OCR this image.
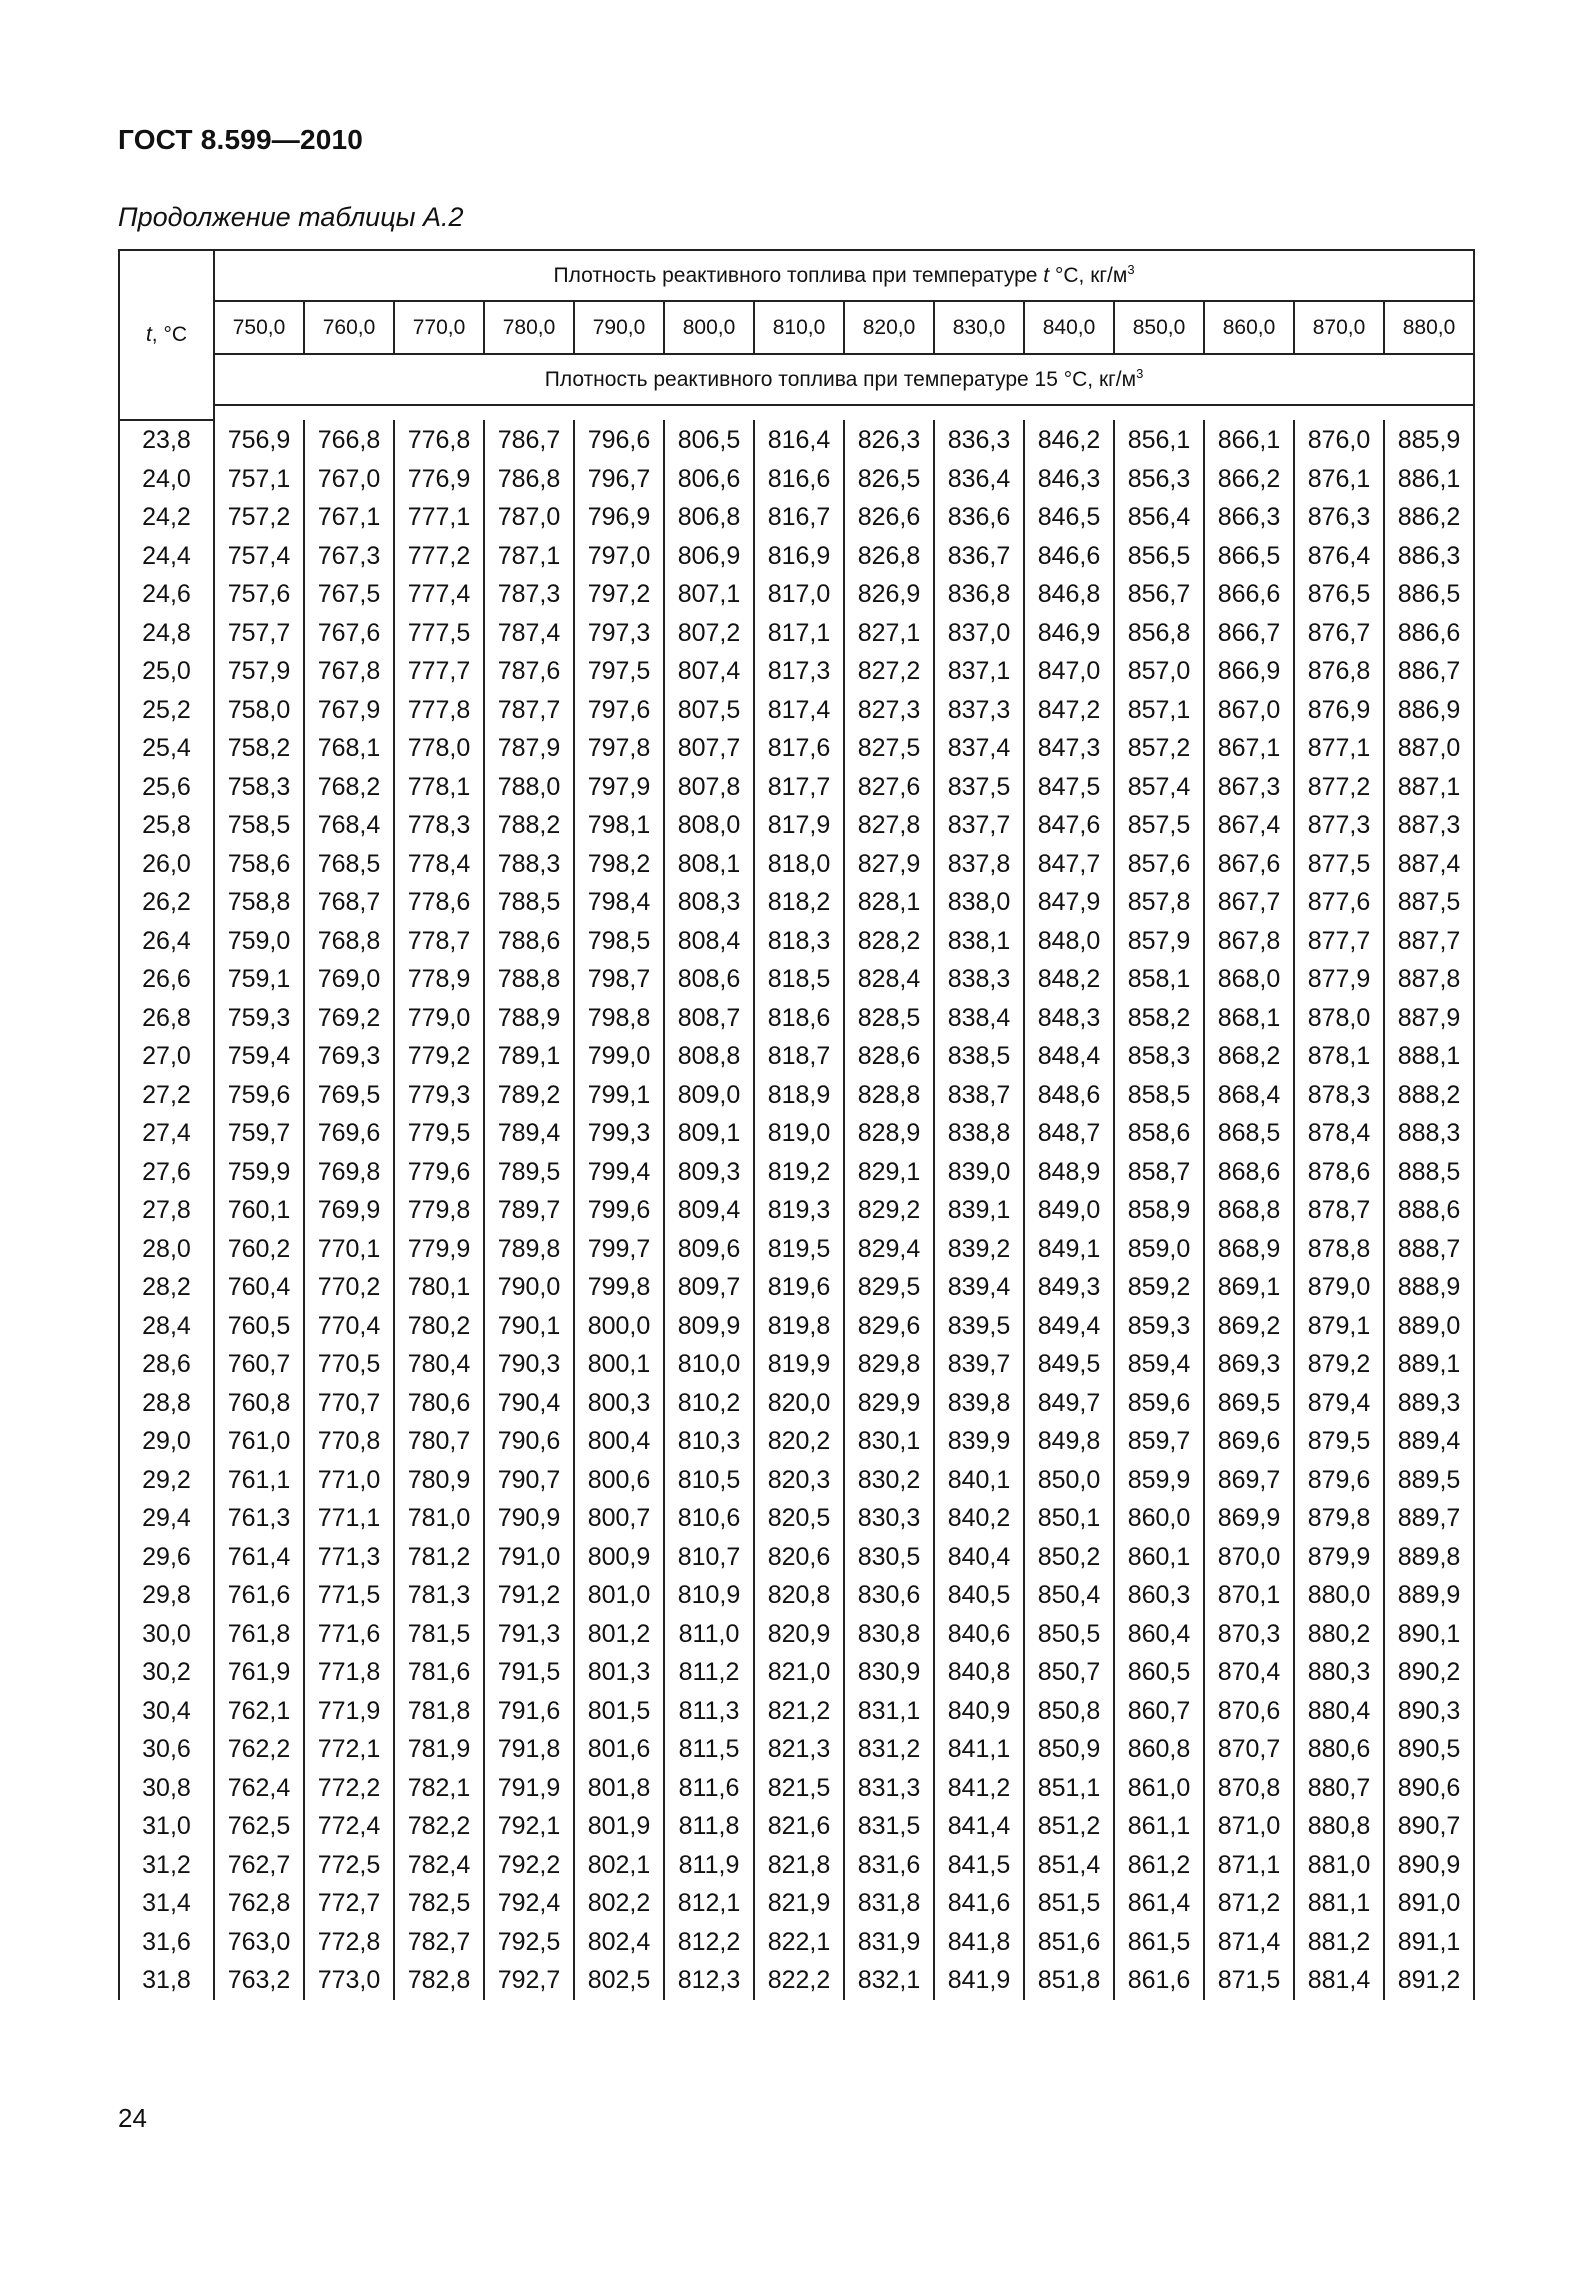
ГОСТ 8.599—2010
Продолжение таблицы А.2
t, °С	Плотность реактивного топлива при температуре t °С, $кг/м^3$
	750,0	760,0	770,0	780,0	790,0	800,0	810,0	820,0	830,0	840,0	850,0	860,0	870,0	880,0
	Плотность реактивного топлива при температуре 15 °С, $кг/м^3$

23,8	756,9	766,8	776,8	786,7	796,6	806,5	816,4	826,3	836,3	846,2	856,1	866,1	876,0	885,9
24,0	757,1	767,0	776,9	786,8	796,7	806,6	816,6	826,5	836,4	846,3	856,3	866,2	876,1	886,1
24,2	757,2	767,1	777,1	787,0	796,9	806,8	816,7	826,6	836,6	846,5	856,4	866,3	876,3	886,2
24,4	757,4	767,3	777,2	787,1	797,0	806,9	816,9	826,8	836,7	846,6	856,5	866,5	876,4	886,3
24,6	757,6	767,5	777,4	787,3	797,2	807,1	817,0	826,9	836,8	846,8	856,7	866,6	876,5	886,5
24,8	757,7	767,6	777,5	787,4	797,3	807,2	817,1	827,1	837,0	846,9	856,8	866,7	876,7	886,6
25,0	757,9	767,8	777,7	787,6	797,5	807,4	817,3	827,2	837,1	847,0	857,0	866,9	876,8	886,7
25,2	758,0	767,9	777,8	787,7	797,6	807,5	817,4	827,3	837,3	847,2	857,1	867,0	876,9	886,9
25,4	758,2	768,1	778,0	787,9	797,8	807,7	817,6	827,5	837,4	847,3	857,2	867,1	877,1	887,0
25,6	758,3	768,2	778,1	788,0	797,9	807,8	817,7	827,6	837,5	847,5	857,4	867,3	877,2	887,1
25,8	758,5	768,4	778,3	788,2	798,1	808,0	817,9	827,8	837,7	847,6	857,5	867,4	877,3	887,3
26,0	758,6	768,5	778,4	788,3	798,2	808,1	818,0	827,9	837,8	847,7	857,6	867,6	877,5	887,4
26,2	758,8	768,7	778,6	788,5	798,4	808,3	818,2	828,1	838,0	847,9	857,8	867,7	877,6	887,5
26,4	759,0	768,8	778,7	788,6	798,5	808,4	818,3	828,2	838,1	848,0	857,9	867,8	877,7	887,7
26,6	759,1	769,0	778,9	788,8	798,7	808,6	818,5	828,4	838,3	848,2	858,1	868,0	877,9	887,8
26,8	759,3	769,2	779,0	788,9	798,8	808,7	818,6	828,5	838,4	848,3	858,2	868,1	878,0	887,9
27,0	759,4	769,3	779,2	789,1	799,0	808,8	818,7	828,6	838,5	848,4	858,3	868,2	878,1	888,1
27,2	759,6	769,5	779,3	789,2	799,1	809,0	818,9	828,8	838,7	848,6	858,5	868,4	878,3	888,2
27,4	759,7	769,6	779,5	789,4	799,3	809,1	819,0	828,9	838,8	848,7	858,6	868,5	878,4	888,3
27,6	759,9	769,8	779,6	789,5	799,4	809,3	819,2	829,1	839,0	848,9	858,7	868,6	878,6	888,5
27,8	760,1	769,9	779,8	789,7	799,6	809,4	819,3	829,2	839,1	849,0	858,9	868,8	878,7	888,6
28,0	760,2	770,1	779,9	789,8	799,7	809,6	819,5	829,4	839,2	849,1	859,0	868,9	878,8	888,7
28,2	760,4	770,2	780,1	790,0	799,8	809,7	819,6	829,5	839,4	849,3	859,2	869,1	879,0	888,9
28,4	760,5	770,4	780,2	790,1	800,0	809,9	819,8	829,6	839,5	849,4	859,3	869,2	879,1	889,0
28,6	760,7	770,5	780,4	790,3	800,1	810,0	819,9	829,8	839,7	849,5	859,4	869,3	879,2	889,1
28,8	760,8	770,7	780,6	790,4	800,3	810,2	820,0	829,9	839,8	849,7	859,6	869,5	879,4	889,3
29,0	761,0	770,8	780,7	790,6	800,4	810,3	820,2	830,1	839,9	849,8	859,7	869,6	879,5	889,4
29,2	761,1	771,0	780,9	790,7	800,6	810,5	820,3	830,2	840,1	850,0	859,9	869,7	879,6	889,5
29,4	761,3	771,1	781,0	790,9	800,7	810,6	820,5	830,3	840,2	850,1	860,0	869,9	879,8	889,7
29,6	761,4	771,3	781,2	791,0	800,9	810,7	820,6	830,5	840,4	850,2	860,1	870,0	879,9	889,8
29,8	761,6	771,5	781,3	791,2	801,0	810,9	820,8	830,6	840,5	850,4	860,3	870,1	880,0	889,9
30,0	761,8	771,6	781,5	791,3	801,2	811,0	820,9	830,8	840,6	850,5	860,4	870,3	880,2	890,1
30,2	761,9	771,8	781,6	791,5	801,3	811,2	821,0	830,9	840,8	850,7	860,5	870,4	880,3	890,2
30,4	762,1	771,9	781,8	791,6	801,5	811,3	821,2	831,1	840,9	850,8	860,7	870,6	880,4	890,3
30,6	762,2	772,1	781,9	791,8	801,6	811,5	821,3	831,2	841,1	850,9	860,8	870,7	880,6	890,5
30,8	762,4	772,2	782,1	791,9	801,8	811,6	821,5	831,3	841,2	851,1	861,0	870,8	880,7	890,6
31,0	762,5	772,4	782,2	792,1	801,9	811,8	821,6	831,5	841,4	851,2	861,1	871,0	880,8	890,7
31,2	762,7	772,5	782,4	792,2	802,1	811,9	821,8	831,6	841,5	851,4	861,2	871,1	881,0	890,9
31,4	762,8	772,7	782,5	792,4	802,2	812,1	821,9	831,8	841,6	851,5	861,4	871,2	881,1	891,0
31,6	763,0	772,8	782,7	792,5	802,4	812,2	822,1	831,9	841,8	851,6	861,5	871,4	881,2	891,1
31,8	763,2	773,0	782,8	792,7	802,5	812,3	822,2	832,1	841,9	851,8	861,6	871,5	881,4	891,2
24
